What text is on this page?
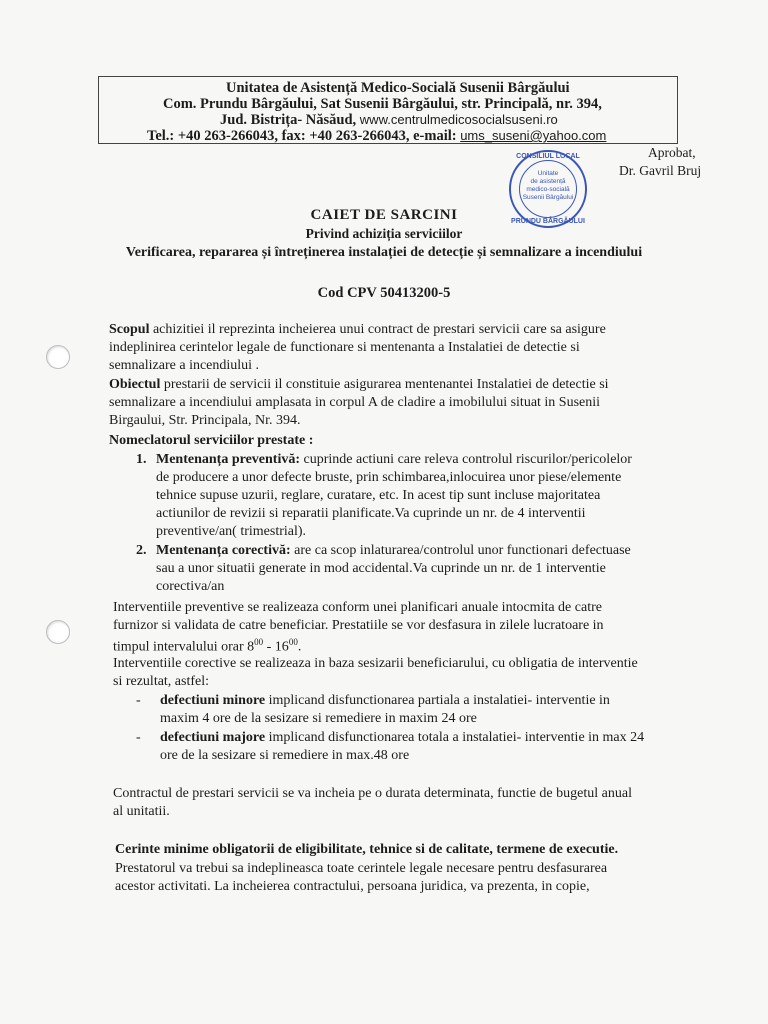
Unitatea de Asistență Medico-Socială Susenii Bârgăului
Com. Prundu Bârgăului, Sat Susenii Bârgăului, str. Principală, nr. 394,
Jud. Bistrița- Năsăud, www.centrulmedicosocialsuseni.ro
Tel.: +40 263-266043, fax: +40 263-266043, e-mail: ums_suseni@yahoo.com
Aprobat,
Dr. Gavril Bruj
CONSILIUL LOCAL
Unitate
de asistență
medico-socială
Susenii Bârgăului
PRUNDU BÂRGĂULUI
CAIET DE SARCINI
Privind achiziția serviciilor
Verificarea, repararea și întreținerea instalației de detecție și semnalizare a incendiului
Cod CPV 50413200-5
Scopul achizitiei il reprezinta incheierea unui contract de prestari servicii care sa asigure
indeplinirea cerintelor legale de functionare si mentenanta a Instalatiei de detectie si
semnalizare a incendiului .
Obiectul prestarii de servicii il constituie asigurarea mentenantei Instalatiei de detectie si
semnalizare a incendiului amplasata in corpul A de cladire a imobilului situat in Susenii
Birgaului, Str. Principala, Nr. 394.
Nomeclatorul serviciilor prestate :
1. Mentenanța preventivă: cuprinde actiuni care releva controlul riscurilor/pericolelor
de producere a unor defecte bruste, prin schimbarea,inlocuirea unor piese/elemente
tehnice supuse uzurii, reglare, curatare, etc. In acest tip sunt incluse majoritatea
actiunilor de revizii si reparatii planificate.Va cuprinde un nr. de 4 interventii
preventive/an( trimestrial).
2. Mentenanța corectivă: are ca scop inlaturarea/controlul unor functionari defectuase
sau a unor situatii generate in mod accidental.Va cuprinde un nr. de 1 interventie
corectiva/an
Interventiile preventive se realizeaza conform unei planificari anuale intocmita de catre
furnizor si validata de catre beneficiar. Prestatiile se vor desfasura in zilele lucratoare in
timpul intervalului orar $8^{00} - 16^{00}$.
Interventiile corective se realizeaza in baza sesizarii beneficiarului, cu obligatia de interventie
si rezultat, astfel:
- defectiuni minore implicand disfunctionarea partiala a instalatiei- interventie in
maxim 4 ore de la sesizare si remediere in maxim 24 ore
- defectiuni majore implicand disfunctionarea totala a instalatiei- interventie in max 24
ore de la sesizare si remediere in max.48 ore
Contractul de prestari servicii se va incheia pe o durata determinata, functie de bugetul anual
al unitatii.
Cerinte minime obligatorii de eligibilitate, tehnice si de calitate, termene de executie.
Prestatorul va trebui sa indeplineasca toate cerintele legale necesare pentru desfasurarea
acestor activitati. La incheierea contractului, persoana juridica, va prezenta, in copie,
